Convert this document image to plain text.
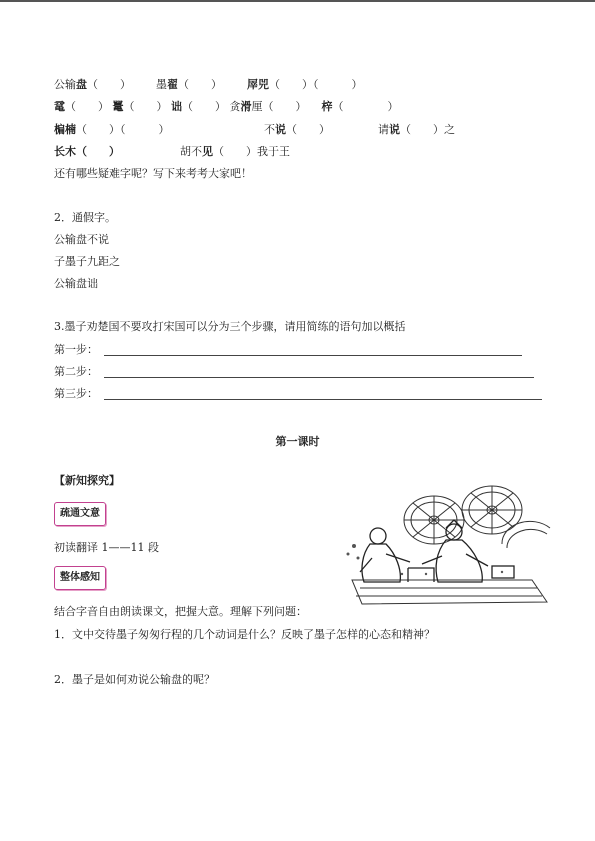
公输盘（　　） 墨翟（　　） 屖兕（　　）（　　　）
鼋（　　） 鼍（　　） 诎（　　） 贪滑厘（　　） 梓（　　　　）
楄楠（　　）（　　　）	不说（　　）	请说（　　）之
长木（　　）	胡不见（　　）我于王
还有哪些疑难字呢？写下来考考大家吧！
2．通假字。
公输盘不说
子墨子九距之
公输盘诎
3.墨子劝楚国不要攻打宋国可以分为三个步骤，请用简练的语句加以概括
第一步：
第二步：
第三步：
第一课时
【新知探究】
疏通文意
初读翻译 1——11 段
整体感知
结合字音自由朗读课文，把握大意。理解下列问题：
1．文中交待墨子匆匆行程的几个动词是什么？反映了墨子怎样的心态和精神？
2．墨子是如何劝说公输盘的呢？
